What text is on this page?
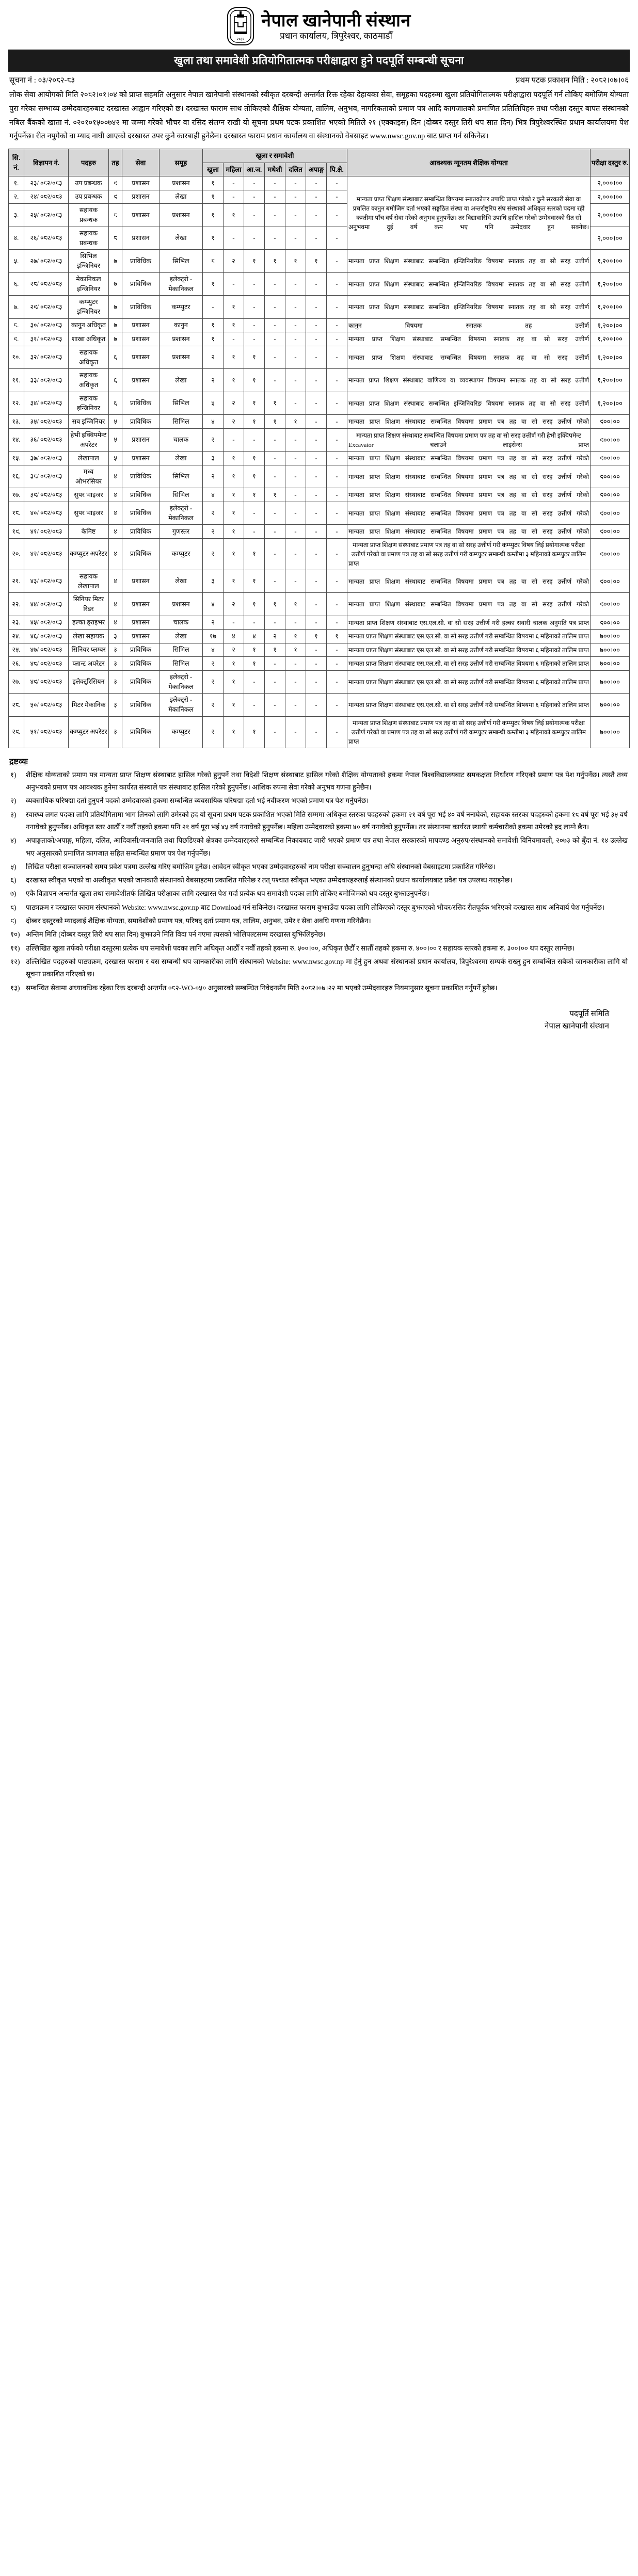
२०३१
नेपाल खानेपानी संस्थान
प्रधान कार्यालय, त्रिपुरेश्वर, काठमाडौँ
खुला तथा समावेशी प्रतियोगितात्मक परीक्षाद्वारा हुने पदपूर्ति सम्बन्धी सूचना
सूचना नं : ०३/२०८२-८३	प्रथम पटक प्रकाशन मिति : २०८२।०७।०६
लोक सेवा आयोगको मिति २०८२।०१।०४ को प्राप्त सहमति अनुसार नेपाल खानेपानी संस्थानको स्वीकृत दरबन्दी अन्तर्गत रिक्त रहेका देहायका सेवा, समूहका पदहरुमा खुला प्रतियोगितात्मक परीक्षाद्वारा पदपूर्ति गर्न तोकिए बमोजिम योग्यता पुरा गरेका सम्भाव्य उम्मेदवारहरुबाट दरखास्त आह्वान गरिएको छ। दरखास्त फाराम साथ तोकिएको शैक्षिक योग्यता, तालिम, अनुभव, नागरिकताको प्रमाण पत्र आदि कागजातको प्रमाणित प्रतिलिपिहरु तथा परीक्षा दस्तुर बापत संस्थानको नबिल बैंकको खाता नं. ०२०१०१५००७४२ मा जम्मा गरेको भौचर वा रसिद संलग्न राखी यो सूचना प्रथम पटक प्रकाशित भएको मितिले २१ (एक्काइस) दिन (दोब्बर दस्तुर तिरी थप सात दिन) भित्र त्रिपुरेश्वरस्थित प्रधान कार्यालयमा पेश गर्नुपर्नेछ। रीत नपुगेको वा म्याद नाघी आएको दरखास्त उपर कुनै कारबाही हुनेछैन। दरखास्त फाराम प्रधान कार्यालय वा संस्थानको वेबसाइट www.nwsc.gov.np बाट प्राप्त गर्न सकिनेछ।
सि. नं.	विज्ञापन नं.	पदहरु	तह	सेवा	समूह	खुला र समावेशी							आवश्यक न्यूनतम शैक्षिक योग्यता	परीक्षा दस्तुर रु.
						खुला	महिला	आ.ज.	मधेशी	दलित	अपाङ्ग	पि.क्षे.		
१.	२३/ ०८२/०८३	उप प्रबन्धक	९	प्रशासन	प्रशासन	१	-	-	-	-	-	-	मान्यता प्राप्त शिक्षण संस्थाबाट सम्बन्धित विषयमा स्नातकोत्तर उपाधि प्राप्त गरेको र कुनै सरकारी सेवा वा प्रचलित कानुन बमोजिम दर्ता भएको सङ्गठित संस्था वा अन्तर्राष्ट्रिय संघ संस्थाको अधिकृत स्तरको पदमा रही कम्तीमा पाँच वर्ष सेवा गरेको अनुभव हुनुपर्नेछ। तर विद्यावारिधि उपाधि हासिल गरेको उम्मेदवारको रीत सो अनुभवमा दुई वर्ष कम भए पनि उम्मेदवार हुन सक्नेछ।	२,०००।००
२.	२४/ ०८२/०८३	उप प्रबन्धक	९	प्रशासन	लेखा	१	-	-	-	-	-	-		२,०००।००
३.	२५/ ०८२/०८३	सहायक प्रबन्धक	८	प्रशासन	प्रशासन	१	१	-	-	-	-	-		२,०००।००
४.	२६/ ०८२/०८३	सहायक प्रबन्धक	८	प्रशासन	लेखा	१	-	-	-	-	-	-		२,०००।००
५.	२७/ ०८२/०८३	सिभिल इन्जिनियर	७	प्राविधिक	सिभिल	८	२	१	१	१	१	-	मान्यता प्राप्त शिक्षण संस्थाबाट सम्बन्धित इन्जिनियरिङ विषयमा स्नातक तह वा सो सरह उत्तीर्ण	१,२००।००
६.	२८/ ०८२/०८३	मेकानिकल इन्जिनियर	७	प्राविधिक	इलेक्ट्रो - मेकानिकल	१	-	-	-	-	-	-	मान्यता प्राप्त शिक्षण संस्थाबाट सम्बन्धित इन्जिनियरिङ विषयमा स्नातक तह वा सो सरह उत्तीर्ण	१,२००।००
७.	२९/ ०८२/०८३	कम्प्युटर इन्जिनियर	७	प्राविधिक	कम्प्युटर	-	१	-	-	-	-	-	मान्यता प्राप्त शिक्षण संस्थाबाट सम्बन्धित इन्जिनियरिङ विषयमा स्नातक तह वा सो सरह उत्तीर्ण	१,२००।००
८.	३०/ ०८२/०८३	कानुन अधिकृत	७	प्रशासन	कानुन	१	१	-	-	-	-	-	कानुन विषयमा स्नातक तह उत्तीर्ण	१,२००।००
९.	३१/ ०८२/०८३	शाखा अधिकृत	७	प्रशासन	प्रशासन	१	-	-	-	-	-	-	मान्यता प्राप्त शिक्षण संस्थाबाट सम्बन्धित विषयमा स्नातक तह वा सो सरह उत्तीर्ण	१,२००।००
१०.	३२/ ०८२/०८३	सहायक अधिकृत	६	प्रशासन	प्रशासन	२	१	१	-	-	-	-	मान्यता प्राप्त शिक्षण संस्थाबाट सम्बन्धित विषयमा स्नातक तह वा सो सरह उत्तीर्ण	१,२००।००
११.	३३/ ०८२/०८३	सहायक अधिकृत	६	प्रशासन	लेखा	२	१	१	-	-	-	-	मान्यता प्राप्त शिक्षण संस्थाबाट वाणिज्य वा व्यवस्थापन विषयमा स्नातक तह वा सो सरह उत्तीर्ण	१,२००।००
१२.	३४/ ०८२/०८३	सहायक इन्जिनियर	६	प्राविधिक	सिभिल	५	२	१	१	-	-	-	मान्यता प्राप्त शिक्षण संस्थाबाट सम्बन्धित इन्जिनियरिङ विषयमा स्नातक तह वा सो सरह उत्तीर्ण	१,२००।००
१३.	३५/ ०८२/०८३	सब इन्जिनियर	५	प्राविधिक	सिभिल	४	२	१	१	१	-	-	मान्यता प्राप्त शिक्षण संस्थाबाट सम्बन्धित विषयमा प्रमाण पत्र तह वा सो सरह उत्तीर्ण गरेको	९००।००
१४.	३६/ ०८२/०८३	हेभी इक्विपमेन्ट अपरेटर	५	प्रशासन	चालक	२	-	-	-	-	-	-	मान्यता प्राप्त शिक्षण संस्थाबाट सम्बन्धित विषयमा प्रमाण पत्र तह वा सो सरह उत्तीर्ण गरी हेभी इक्विपमेन्ट Excavator चलाउने लाइसेन्स प्राप्त	९००।००
१५.	३७/ ०८२/०८३	लेखापाल	५	प्रशासन	लेखा	३	१	१	-	-	-	-	मान्यता प्राप्त शिक्षण संस्थाबाट सम्बन्धित विषयमा प्रमाण पत्र तह वा सो सरह उत्तीर्ण गरेको	९००।००
१६.	३८/ ०८२/०८३	मध्य ओभरसियर	४	प्राविधिक	सिभिल	२	१	१	-	-	-	-	मान्यता प्राप्त शिक्षण संस्थाबाट सम्बन्धित विषयमा प्रमाण पत्र तह वा सो सरह उत्तीर्ण गरेको	९००।००
१७.	३९/ ०८२/०८३	सुपर भाइजर	४	प्राविधिक	सिभिल	४	१	१	१	-	-	-	मान्यता प्राप्त शिक्षण संस्थाबाट सम्बन्धित विषयमा प्रमाण पत्र तह वा सो सरह उत्तीर्ण गरेको	९००।००
१८.	४०/ ०८२/०८३	सुपर भाइजर	४	प्राविधिक	इलेक्ट्रो - मेकानिकल	२	१	-	-	-	-	-	मान्यता प्राप्त शिक्षण संस्थाबाट सम्बन्धित विषयमा प्रमाण पत्र तह वा सो सरह उत्तीर्ण गरेको	९००।००
१९.	४१/ ०८२/०८३	केमिष्ट	४	प्राविधिक	गुणस्तर	२	१	-	-	-	-	-	मान्यता प्राप्त शिक्षण संस्थाबाट सम्बन्धित विषयमा प्रमाण पत्र तह वा सो सरह उत्तीर्ण गरेको	९००।००
२०.	४२/ ०८२/०८३	कम्प्युटर अपरेटर	४	प्राविधिक	कम्प्युटर	२	१	१	-	-	-	-	मान्यता प्राप्त शिक्षण संस्थाबाट प्रमाण पत्र तह वा सो सरह उत्तीर्ण गरी कम्प्युटर विषय लिई प्रयोगात्मक परीक्षा उत्तीर्ण गरेको वा प्रमाण पत्र तह वा सो सरह उत्तीर्ण गरी कम्प्युटर सम्बन्धी कम्तीमा ३ महिनाको कम्प्युटर तालिम प्राप्त	९००।००
२१.	४३/ ०८२/०८३	सहायक लेखापाल	४	प्रशासन	लेखा	३	१	१	-	-	-	-	मान्यता प्राप्त शिक्षण संस्थाबाट सम्बन्धित विषयमा प्रमाण पत्र तह वा सो सरह उत्तीर्ण गरेको	९००।००
२२.	४४/ ०८२/०८३	सिनियर मिटर रिडर	४	प्रशासन	प्रशासन	४	२	१	१	१	-	-	मान्यता प्राप्त शिक्षण संस्थाबाट सम्बन्धित विषयमा प्रमाण पत्र तह वा सो सरह उत्तीर्ण गरेको	९००।००
२३.	४५/ ०८२/०८३	हल्का ड्राइभर	४	प्रशासन	चालक	२	-	-	-	-	-	-	मान्यता प्राप्त शिक्षण संस्थाबाट एस.एल.सी. वा सो सरह उत्तीर्ण गरी हल्का सवारी चालक अनुमति पत्र प्राप्त	९००।००
२४.	४६/ ०८२/०८३	लेखा सहायक	३	प्रशासन	लेखा	१७	४	४	२	१	१	१	मान्यता प्राप्त शिक्षण संस्थाबाट एस.एल.सी. वा सो सरह उत्तीर्ण गरी सम्बन्धित विषयमा ६ महिनाको तालिम प्राप्त	७००।००
२५.	४७/ ०८२/०८३	सिनियर प्लम्बर	३	प्राविधिक	सिभिल	४	२	१	१	१	-	-	मान्यता प्राप्त शिक्षण संस्थाबाट एस.एल.सी. वा सो सरह उत्तीर्ण गरी सम्बन्धित विषयमा ६ महिनाको तालिम प्राप्त	७००।००
२६.	४८/ ०८२/०८३	प्लान्ट अपरेटर	३	प्राविधिक	सिभिल	२	१	१	-	-	-	-	मान्यता प्राप्त शिक्षण संस्थाबाट एस.एल.सी. वा सो सरह उत्तीर्ण गरी सम्बन्धित विषयमा ६ महिनाको तालिम प्राप्त	७००।००
२७.	४९/ ०८२/०८३	इलेक्ट्रिसियन	३	प्राविधिक	इलेक्ट्रो - मेकानिकल	२	१	-	-	-	-	-	मान्यता प्राप्त शिक्षण संस्थाबाट एस.एल.सी. वा सो सरह उत्तीर्ण गरी सम्बन्धित विषयमा ६ महिनाको तालिम प्राप्त	७००।००
२८.	५०/ ०८२/०८३	मिटर मेकानिक	३	प्राविधिक	इलेक्ट्रो - मेकानिकल	२	१	-	-	-	-	-	मान्यता प्राप्त शिक्षण संस्थाबाट एस.एल.सी. वा सो सरह उत्तीर्ण गरी सम्बन्धित विषयमा ६ महिनाको तालिम प्राप्त	७००।००
२९.	५१/ ०८२/०८३	कम्प्युटर अपरेटर	३	प्राविधिक	कम्प्युटर	२	१	१	-	-	-	-	मान्यता प्राप्त शिक्षण संस्थाबाट प्रमाण पत्र तह वा सो सरह उत्तीर्ण गरी कम्प्युटर विषय लिई प्रयोगात्मक परीक्षा उत्तीर्ण गरेको वा प्रमाण पत्र तह वा सो सरह उत्तीर्ण गरी कम्प्युटर सम्बन्धी कम्तीमा ३ महिनाको कम्प्युटर तालिम प्राप्त	७००।००
द्रष्टव्यः
१)	शैक्षिक योग्यताको प्रमाण पत्र मान्यता प्राप्त शिक्षण संस्थाबाट हासिल गरेको हुनुपर्ने तथा विदेशी शिक्षण संस्थाबाट हासिल गरेको शैक्षिक योग्यताको हकमा नेपाल विश्वविद्यालयबाट समकक्षता निर्धारण गरिएको प्रमाण पत्र पेश गर्नुपर्नेछ। त्यस्तै तथ्य अनुभवको प्रमाण पत्र आवश्यक हुनेमा कार्यरत संस्थाले पत्र संस्थाबाट हासिल गरेको हुनुपर्नेछ। आंशिक रुपमा सेवा गरेको अनुभव गणना हुनेछैन।
२)	व्यवसायिक परिषद्मा दर्ता हुनुपर्ने पदको उम्मेदवारको हकमा सम्बन्धित व्यवसायिक परिषद्मा दर्ता भई नवीकरण भएको प्रमाण पत्र पेश गर्नुपर्नेछ।
३)	स्वास्थ्य लगत पदका लागि प्रतियोगितामा भाग लिनको लागि उमेरको हद यो सूचना प्रथम पटक प्रकाशित भएको मिति सम्ममा अधिकृत स्तरका पदहरुको हकमा २१ वर्ष पूरा भई ४० वर्ष ननाघेको, सहायक स्तरका पदहरुको हकमा १८ वर्ष पूरा भई ३५ वर्ष ननाघेको हुनुपर्नेछ। अधिकृत स्तर आठौँ र नवौँ तहको हकमा पनि २१ वर्ष पूरा भई ४५ वर्ष ननाघेको हुनुपर्नेछ। महिला उम्मेदवारको हकमा ४० वर्ष ननाघेको हुनुपर्नेछ। तर संस्थानमा कार्यरत स्थायी कर्मचारीको हकमा उमेरको हद लाग्ने छैन।
४)	अपाङ्गताको/अपाङ्ग, महिला, दलित, आदिवासी/जनजाति तथा पिछडिएको क्षेत्रका उम्मेदवारहरुले सम्बन्धित निकायबाट जारी भएको प्रमाण पत्र तथा नेपाल सरकारको मापदण्ड अनुरुप/संस्थानको समावेशी विनियमावली, २०७३ को बुँदा नं. १४ उल्लेख भए अनुसारको प्रमाणित कागजात सहित सम्बन्धित प्रमाण पत्र पेश गर्नुपर्नेछ।
५)	लिखित परीक्षा सञ्चालनको समय प्रवेश पत्रमा उल्लेख गरिए बमोजिम हुनेछ। आवेदन स्वीकृत भएका उम्मेदवारहरुको नाम परीक्षा सञ्चालन हुनुभन्दा अघि संस्थानको वेबसाइटमा प्रकाशित गरिनेछ।
६)	दरखास्त स्वीकृत भएको वा अस्वीकृत भएको जानकारी संस्थानको वेबसाइटमा प्रकाशित गरिनेछ र तत् पश्चात स्वीकृत भएका उम्मेदवारहरुलाई संस्थानको प्रधान कार्यालयबाट प्रवेश पत्र उपलब्ध गराइनेछ।
७)	एकै विज्ञापन अन्तर्गत खुला तथा समावेशीतर्फ लिखित परीक्षाका लागि दरखास्त पेश गर्दा प्रत्येक थप समावेशी पदका लागि तोकिए बमोजिमको थप दस्तुर बुझाउनुपर्नेछ।
८)	पाठ्यक्रम र दरखास्त फाराम संस्थानको Website: www.nwsc.gov.np बाट Download गर्न सकिनेछ। दरखास्त फाराम बुझाउँदा पदका लागि तोकिएको दस्तुर बुझाएको भौचर/रसिद रीतपूर्वक भरिएको दरखास्त साथ अनिवार्य पेश गर्नुपर्नेछ।
९)	दोब्बर दस्तुरको म्यादलाई शैक्षिक योग्यता, समावेशीको प्रमाण पत्र, परिषद् दर्ता प्रमाण पत्र, तालिम, अनुभव, उमेर र सेवा अवधि गणना गरिनेछैन।
१०) अन्तिम मिति (दोब्बर दस्तुर तिरी थप सात दिन) बुझाउने मिति विदा पर्न गएमा त्यसको भोलिपल्टसम्म दरखास्त बुझिलिइनेछ।
११) उल्लिखित खुला तर्फको परीक्षा दस्तुरमा प्रत्येक थप समावेशी पदका लागि अधिकृत आठौँ र नवौँ तहको हकमा रु. ५००।००, अधिकृत छैटौँ र सातौँ तहको हकमा रु. ४००।०० र सहायक स्तरको हकमा रु. ३००।०० थप दस्तुर लाग्नेछ।
१२) उल्लिखित पदहरुको पाठ्यक्रम, दरखास्त फाराम र यस सम्बन्धी थप जानकारीका लागि संस्थानको Website: www.nwsc.gov.np मा हेर्नु हुन अथवा संस्थानको प्रधान कार्यालय, त्रिपुरेश्वरमा सम्पर्क राख्नु हुन सम्बन्धित सबैको जानकारीका लागि यो सूचना प्रकाशित गरिएको छ।
१३) सम्बन्धित सेवामा अध्यावधिक रहेका रिक्त दरबन्दी अन्तर्गत ०८२-WO-०५० अनुसारको सम्बन्धित निवेदनसँग मिति २०८२।०७।२२ मा भएको उम्मेदवारहरु नियमानुसार सूचना प्रकाशित गर्नुपर्ने हुनेछ।
पदपूर्ति समिति
नेपाल खानेपानी संस्थान
